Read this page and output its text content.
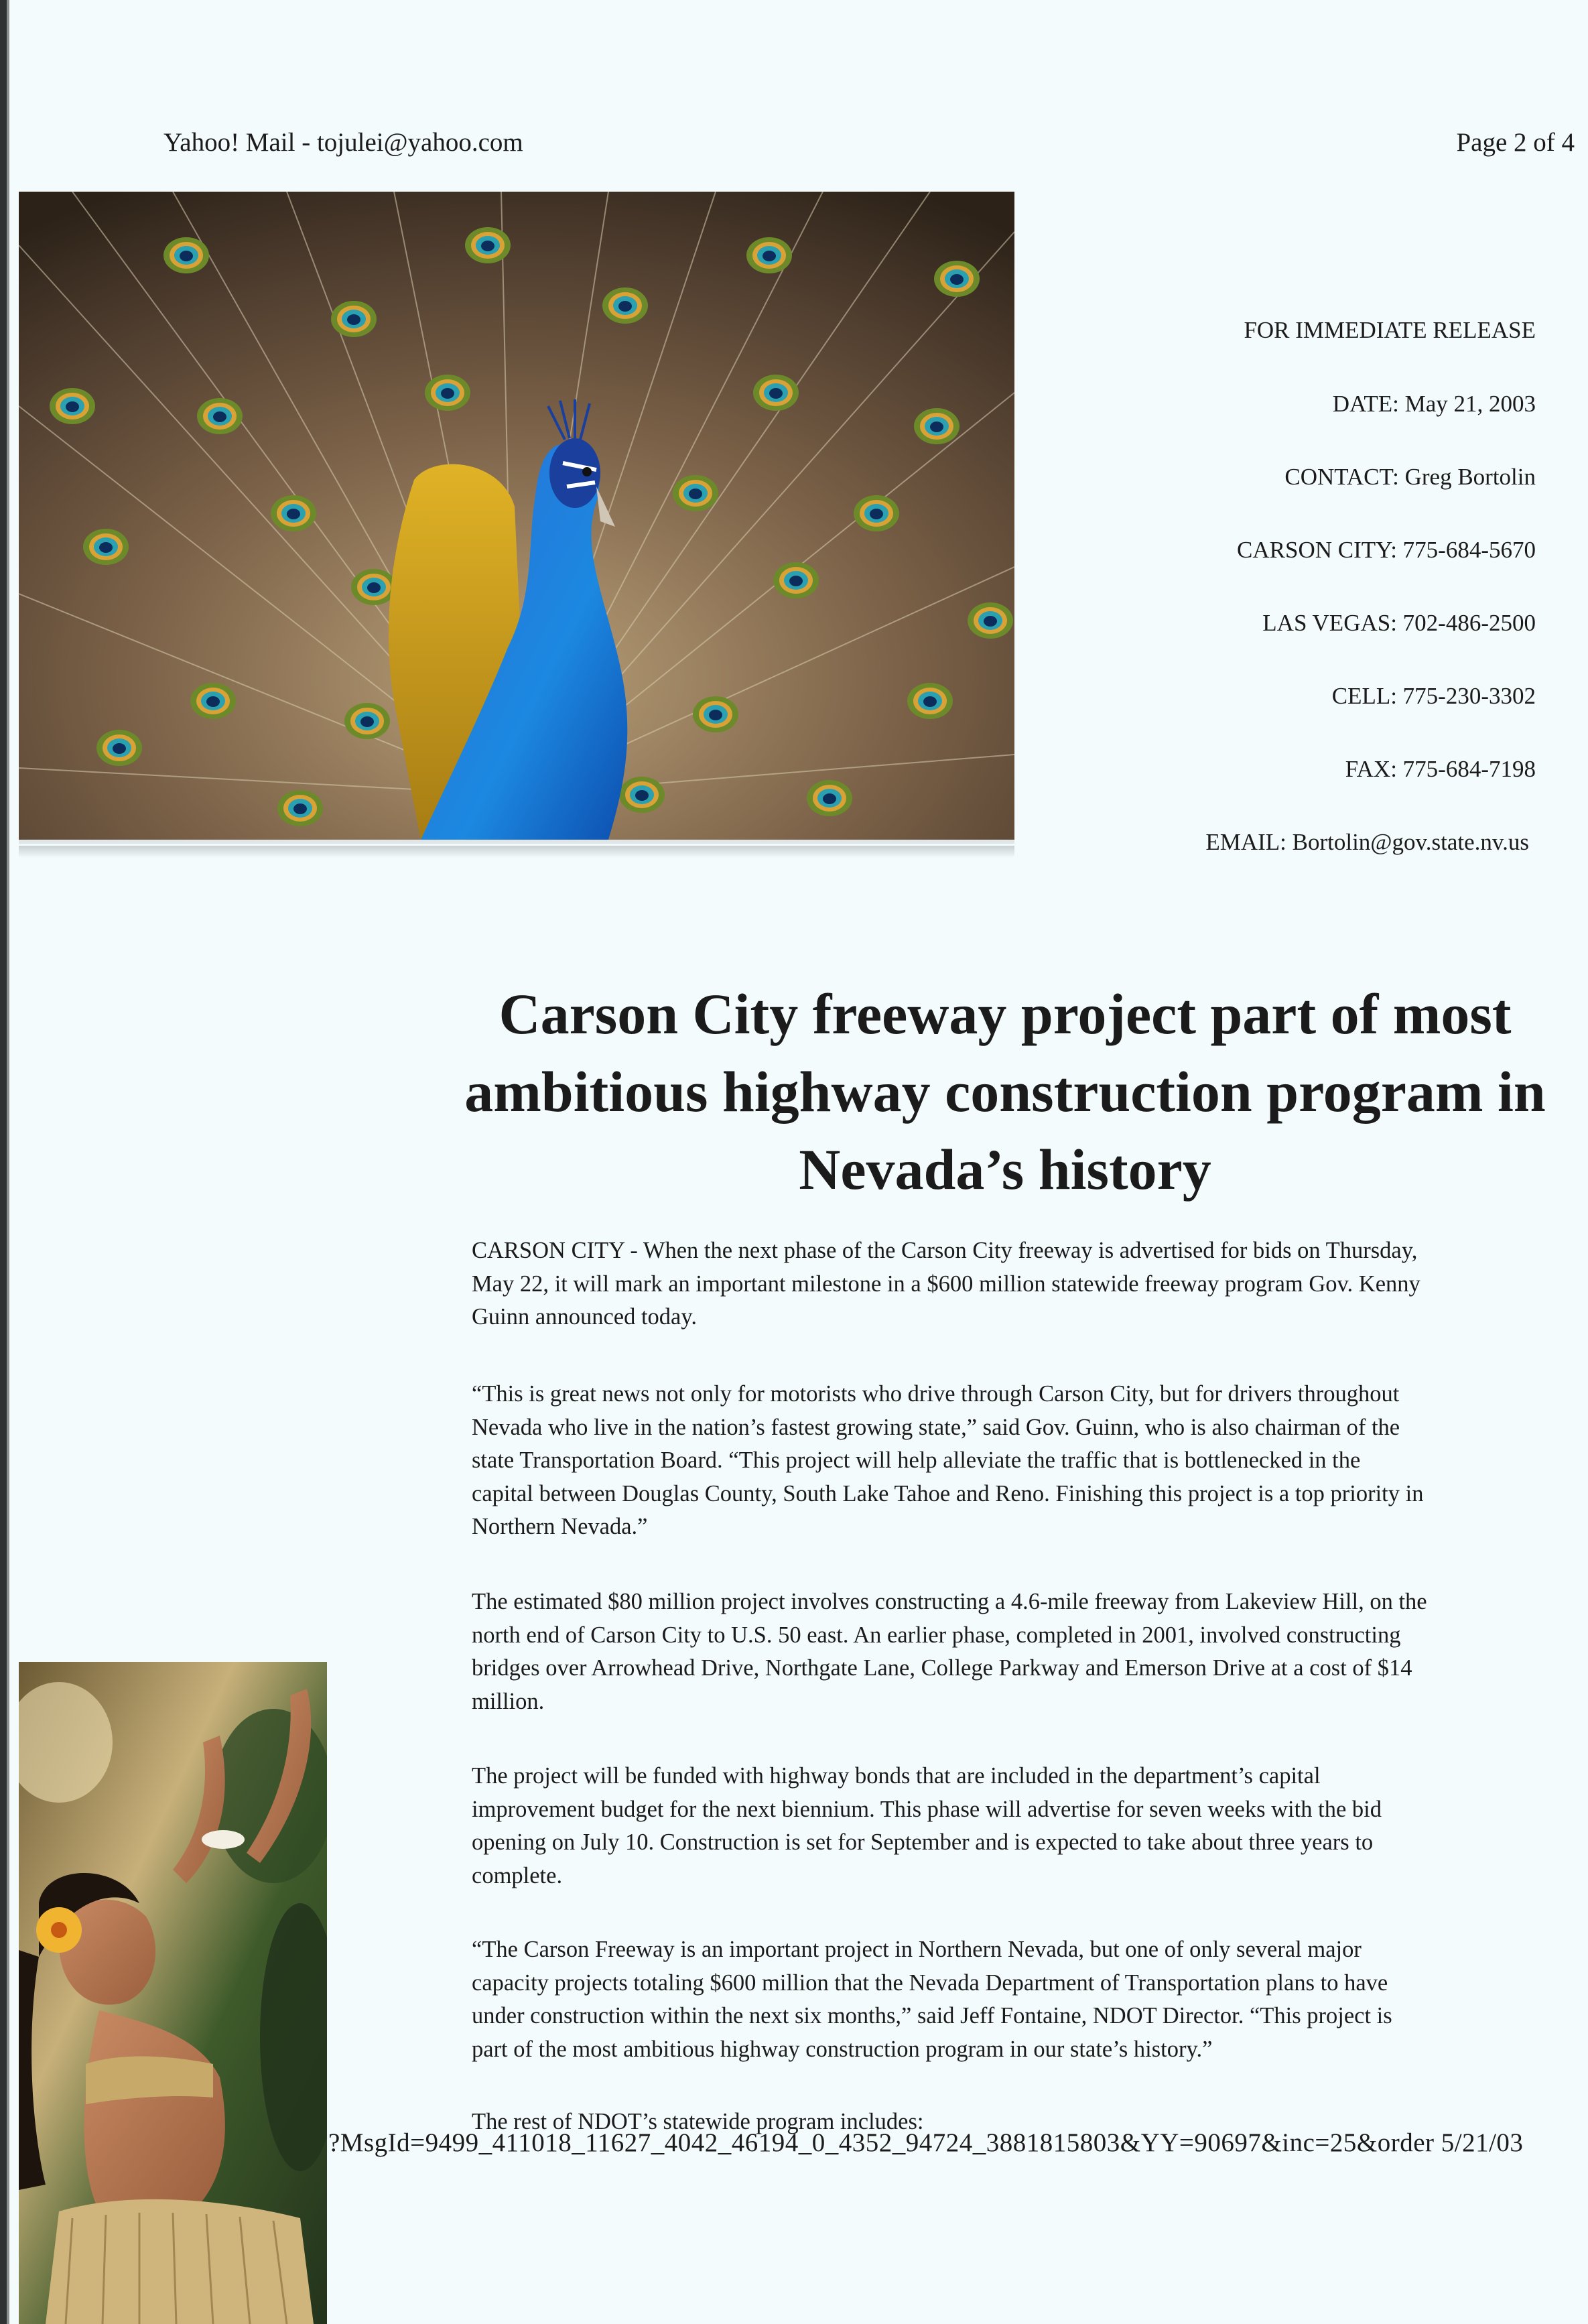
Yahoo! Mail - tojulei@yahoo.com	Page 2 of 4
FOR IMMEDIATE RELEASE
DATE: May 21, 2003
CONTACT: Greg Bortolin
CARSON CITY: 775-684-5670
LAS VEGAS: 702-486-2500
CELL: 775-230-3302
FAX: 775-684-7198
EMAIL: Bortolin@gov.state.nv.us
Carson City freeway project part of most
ambitious highway construction program in
Nevada’s history
CARSON CITY - When the next phase of the Carson City freeway is advertised for bids on Thursday,
May 22, it will mark an important milestone in a $600 million statewide freeway program Gov. Kenny
Guinn announced today.
“This is great news not only for motorists who drive through Carson City, but for drivers throughout
Nevada who live in the nation’s fastest growing state,” said Gov. Guinn, who is also chairman of the
state Transportation Board. “This project will help alleviate the traffic that is bottlenecked in the
capital between Douglas County, South Lake Tahoe and Reno. Finishing this project is a top priority in
Northern Nevada.”
The estimated $80 million project involves constructing a 4.6-mile freeway from Lakeview Hill, on the
north end of Carson City to U.S. 50 east. An earlier phase, completed in 2001, involved constructing
bridges over Arrowhead Drive, Northgate Lane, College Parkway and Emerson Drive at a cost of $14
million.
The project will be funded with highway bonds that are included in the department’s capital
improvement budget for the next biennium. This phase will advertise for seven weeks with the bid
opening on July 10. Construction is set for September and is expected to take about three years to
complete.
“The Carson Freeway is an important project in Northern Nevada, but one of only several major
capacity projects totaling $600 million that the Nevada Department of Transportation plans to have
under construction within the next six months,” said Jeff Fontaine, NDOT Director. “This project is
part of the most ambitious highway construction program in our state’s history.”
The rest of NDOT’s statewide program includes:
?MsgId=9499_411018_11627_4042_46194_0_4352_94724_3881815803&YY=90697&inc=25&order 5/21/03
